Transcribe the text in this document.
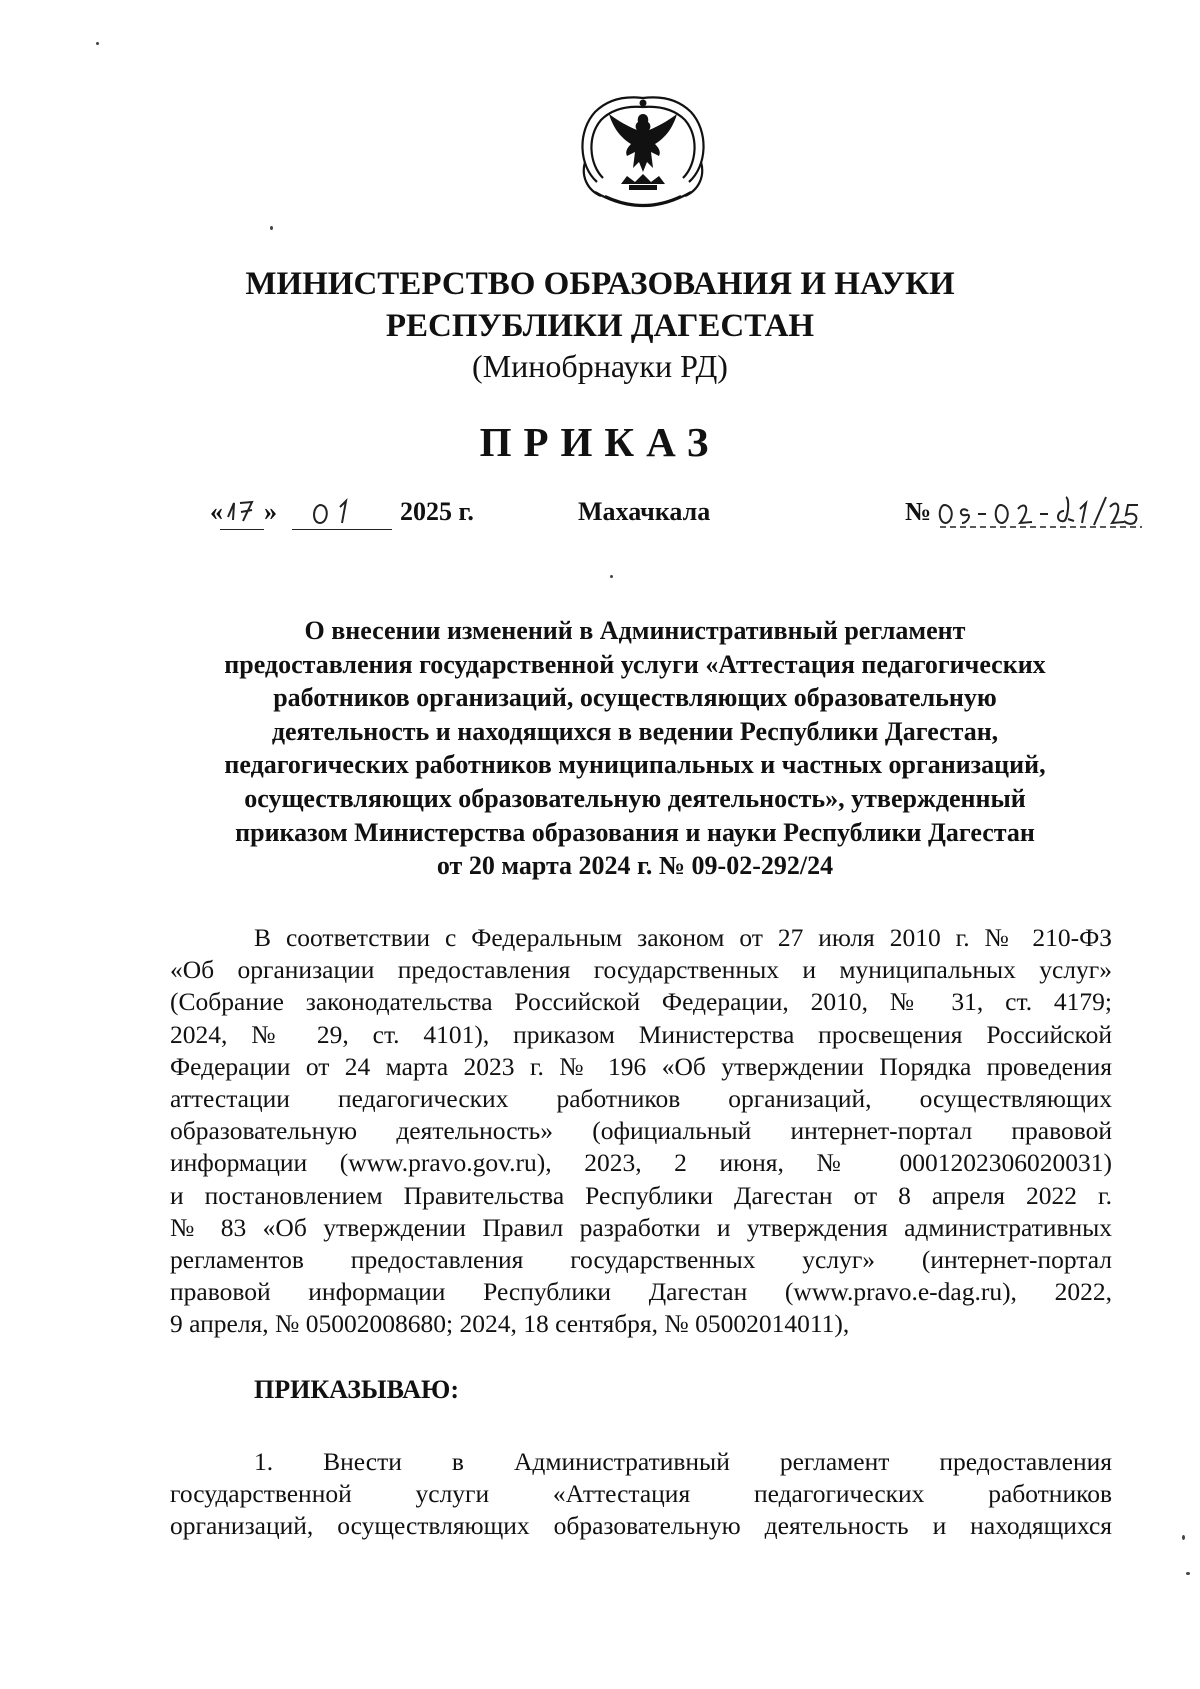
МИНИСТЕРСТВО ОБРАЗОВАНИЯ И НАУКИ
РЕСПУБЛИКИ ДАГЕСТАН
(Минобрнауки РД)
ПРИКАЗ
« »	2025 г.	Махачкала	№
О внесении изменений в Административный регламент
предоставления государственной услуги «Аттестация педагогических
работников организаций, осуществляющих образовательную
деятельность и находящихся в ведении Республики Дагестан,
педагогических работников муниципальных и частных организаций,
осуществляющих образовательную деятельность», утвержденный
приказом Министерства образования и науки Республики Дагестан
от 20 марта 2024 г. № 09-02-292/24
В соответствии с Федеральным законом от 27 июля 2010 г. № 210-ФЗ
«Об организации предоставления государственных и муниципальных услуг»
(Собрание законодательства Российской Федерации, 2010, № 31, ст. 4179;
2024, № 29, ст. 4101), приказом Министерства просвещения Российской
Федерации от 24 марта 2023 г. № 196 «Об утверждении Порядка проведения
аттестации педагогических работников организаций, осуществляющих
образовательную деятельность» (официальный интернет-портал правовой
информации (www.pravo.gov.ru), 2023, 2 июня, № 0001202306020031)
и постановлением Правительства Республики Дагестан от 8 апреля 2022 г.
№ 83 «Об утверждении Правил разработки и утверждения административных
регламентов предоставления государственных услуг» (интернет-портал
правовой информации Республики Дагестан (www.pravo.e-dag.ru), 2022,
9 апреля, № 05002008680; 2024, 18 сентября, № 05002014011),
ПРИКАЗЫВАЮ:
1. Внести в Административный регламент предоставления
государственной услуги «Аттестация педагогических работников
организаций, осуществляющих образовательную деятельность и находящихся
